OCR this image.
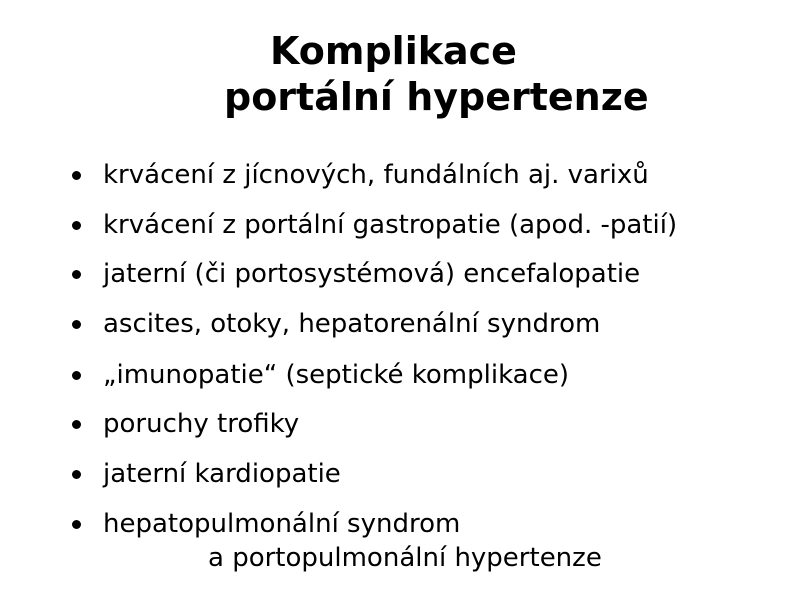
Komplikace
portální hypertenze
krvácení z jícnových, fundálních aj. varixů
krvácení z portální gastropatie (apod. -patií)
jaterní (či portosystémová) encefalopatie
ascites, otoky, hepatorenální syndrom
„imunopatie“ (septické komplikace)
poruchy trofiky
jaterní kardiopatie
hepatopulmonální syndrom
a portopulmonální hypertenze
